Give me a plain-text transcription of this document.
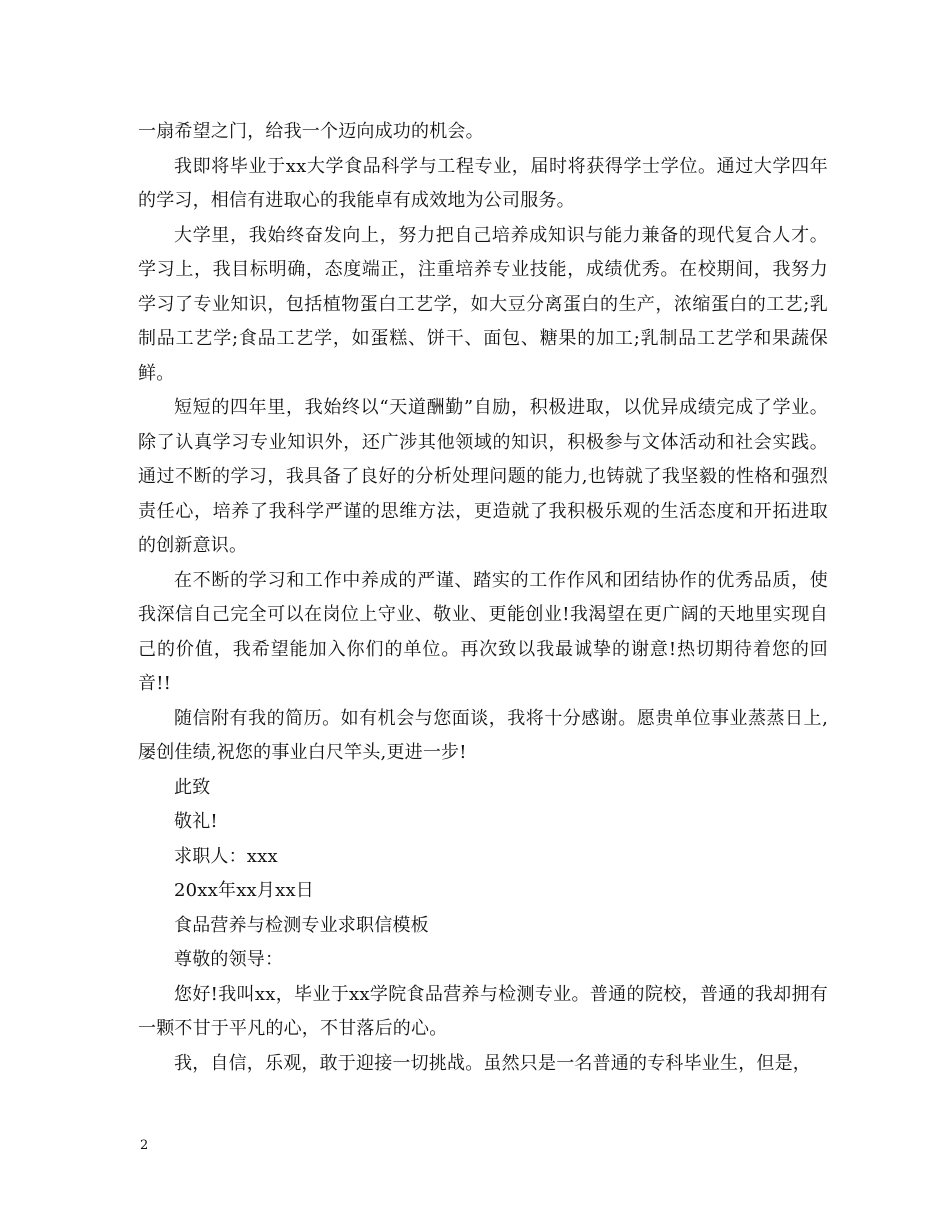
一扇希望之门，给我一个迈向成功的机会。

我即将毕业于xx大学食品科学与工程专业，届时将获得学士学位。通过大学四年的学习，相信有进取心的我能卓有成效地为公司服务。

大学里，我始终奋发向上，努力把自己培养成知识与能力兼备的现代复合人才。学习上，我目标明确，态度端正，注重培养专业技能，成绩优秀。在校期间，我努力学习了专业知识，包括植物蛋白工艺学，如大豆分离蛋白的生产，浓缩蛋白的工艺;乳制品工艺学;食品工艺学，如蛋糕、饼干、面包、糖果的加工;乳制品工艺学和果蔬保鲜。

短短的四年里，我始终以“天道酬勤”自励，积极进取，以优异成绩完成了学业。除了认真学习专业知识外，还广涉其他领域的知识，积极参与文体活动和社会实践。通过不断的学习，我具备了良好的分析处理问题的能力,也铸就了我坚毅的性格和强烈责任心，培养了我科学严谨的思维方法，更造就了我积极乐观的生活态度和开拓进取的创新意识。

在不断的学习和工作中养成的严谨、踏实的工作作风和团结协作的优秀品质，使我深信自己完全可以在岗位上守业、敬业、更能创业!我渴望在更广阔的天地里实现自己的价值，我希望能加入你们的单位。再次致以我最诚挚的谢意!热切期待着您的回音!!

随信附有我的简历。如有机会与您面谈，我将十分感谢。愿贵单位事业蒸蒸日上,屡创佳绩,祝您的事业白尺竿头,更进一步!

此致

敬礼!

求职人：xxx

20xx年xx月xx日

食品营养与检测专业求职信模板

尊敬的领导：

您好!我叫xx，毕业于xx学院食品营养与检测专业。普通的院校，普通的我却拥有一颗不甘于平凡的心，不甘落后的心。

我，自信，乐观，敢于迎接一切挑战。虽然只是一名普通的专科毕业生，但是，

2
